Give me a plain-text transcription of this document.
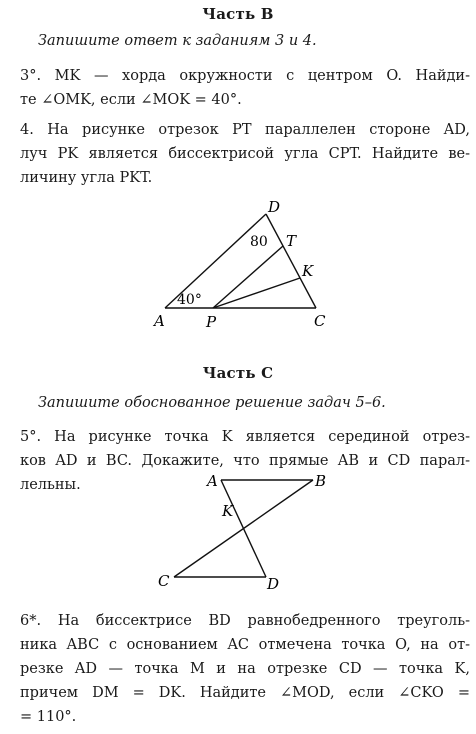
Часть В
Запишите ответ к заданиям 3 и 4.
3°. MK — хорда окружности с центром O. Найди-
те ∠OMK, если ∠MOK = 40°.
4. На рисунке отрезок PT параллелен стороне AD,
луч PK является биссектрисой угла CPT. Найдите ве-
личину угла PKT.
A	P	C
D
T
K
40°
80
Часть С
Запишите обоснованное решение задач 5–6.
5°. На рисунке точка K является серединой отрез-
ков AD и BC. Докажите, что прямые AB и CD парал-
лельны.	A	B
K
C	D
6*. На биссектрисе BD равнобедренного треуголь-
ника ABC с основанием AC отмечена точка O, на от-
резке AD — точка M и на отрезке CD — точка K,
причем DM = DK. Найдите ∠MOD, если ∠CKO =
= 110°.
